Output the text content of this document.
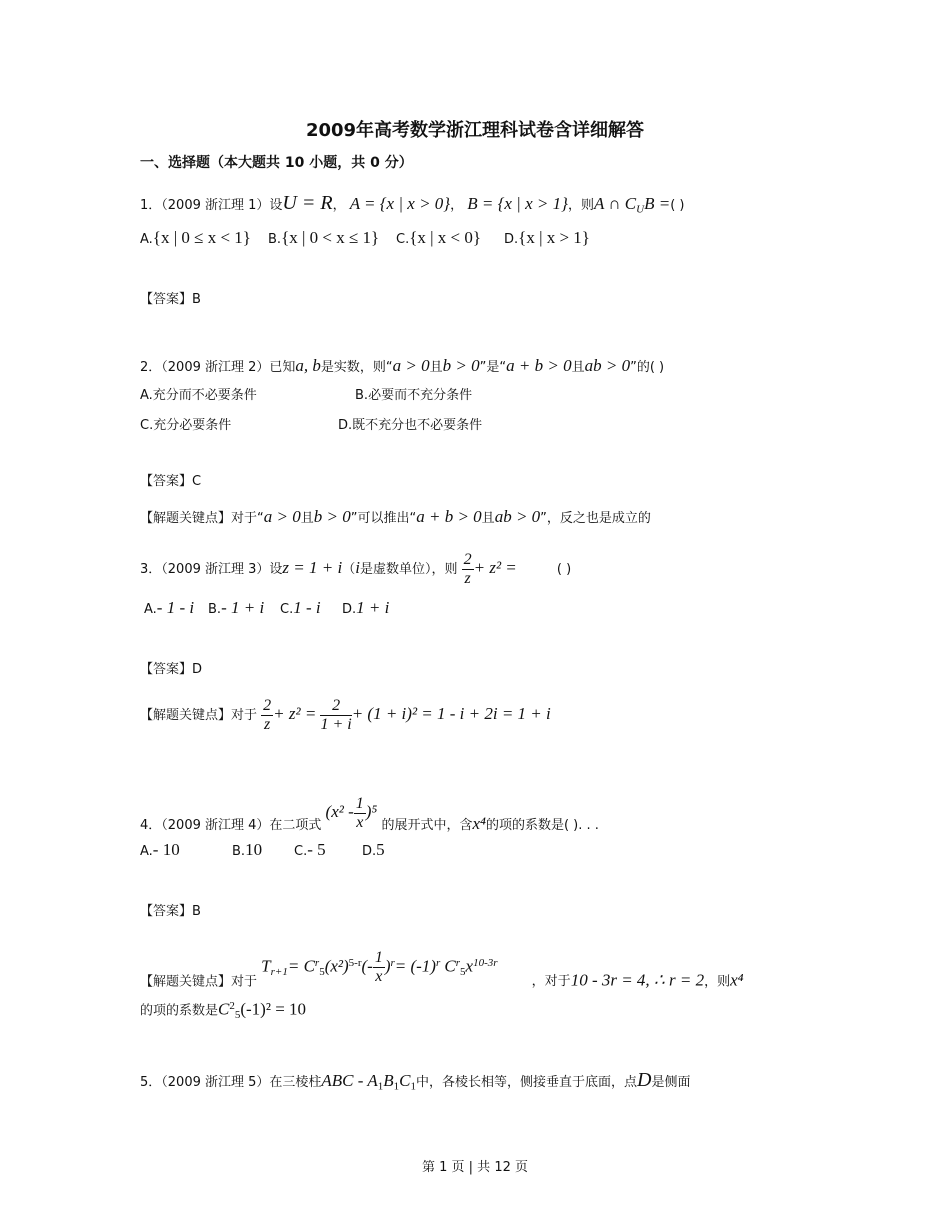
2009年高考数学浙江理科试卷含详细解答
一、选择题（本大题共 10 小题，共 0 分）
1．（2009 浙江理 1）设U = R， A = {x | x > 0}， B = {x | x > 1}，则A ∩ $C_UB$ =( )
A.{x | 0 ≤ x < 1} B.{x | 0 < x ≤ 1} C.{x | x < 0} D.{x | x > 1}
【答案】B
2．（2009 浙江理 2）已知a, b是实数，则“a > 0且b > 0”是“a + b > 0且ab > 0”的( )
A.充分而不必要条件	B.必要而不充分条件
C.充分必要条件	D.既不充分也不必要条件
【答案】C
【解题关键点】对于“a > 0且b > 0”可以推出“a + b > 0且ab > 0”，反之也是成立的
3．（2009 浙江理 3）设z = 1 + i（i是虚数单位），则 $\frac{2}{z} + z^2$ =	( )
A.- 1 - i B.- 1 + i C.1 - i D.1 + i
【答案】D
【解题关键点】对于 $\frac{2}{z} + z^2 = \frac{2}{1 + i} + (1 + i)^2 = 1 - i + 2i = 1 + i$
4．（2009 浙江理 4）在二项式 $(x^2 - \frac{1}{x} )^5$ 的展开式中，含x⁴的项的系数是( ). . .
A.- 10	B.10 C.- 5	D.5
【答案】B
【解题关键点】对于 $T_{r+1}= C^r_5(x^2)^{5-r}(- \frac{1}{x} )^r= (-1)^r$ $C^r_5x^{10-3r}$ ，对于10 - 3r = 4, ∴ r = 2，则x⁴
的项的系数是$C^2_5(-1)^2 = 10$
5．（2009 浙江理 5）在三棱柱ABC - $A_1B_1C_1$中，各棱长相等，侧接垂直于底面，点D是侧面
第 1 页 | 共 12 页
